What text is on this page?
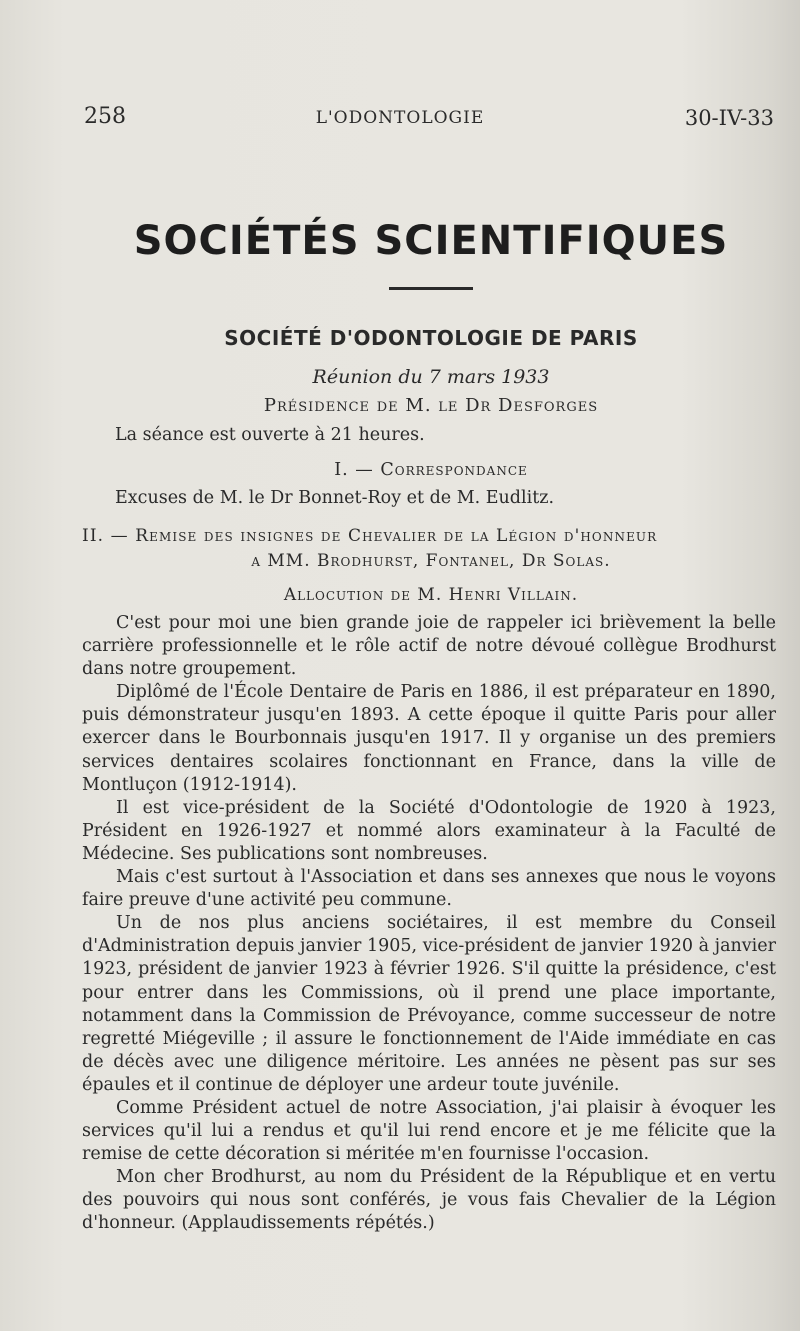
258	L'ODONTOLOGIE	30-IV-33
SOCIÉTÉS SCIENTIFIQUES
SOCIÉTÉ D'ODONTOLOGIE DE PARIS
Réunion du 7 mars 1933
Présidence de M. le Dr Desforges
La séance est ouverte à 21 heures.
I. — Correspondance
Excuses de M. le Dr Bonnet-Roy et de M. Eudlitz.
II. — Remise des insignes de Chevalier de la Légion d'honneur
a MM. Brodhurst, Fontanel, Dr Solas.
Allocution de M. Henri Villain.

C'est pour moi une bien grande joie de rappeler ici brièvement la belle carrière professionnelle et le rôle actif de notre dévoué collègue Brodhurst dans notre groupement.

Diplômé de l'École Dentaire de Paris en 1886, il est préparateur en 1890, puis démonstrateur jusqu'en 1893. A cette époque il quitte Paris pour aller exercer dans le Bourbonnais jusqu'en 1917. Il y organise un des premiers services dentaires scolaires fonctionnant en France, dans la ville de Montluçon (1912-1914).

Il est vice-président de la Société d'Odontologie de 1920 à 1923, Président en 1926-1927 et nommé alors examinateur à la Faculté de Médecine. Ses publications sont nombreuses.

Mais c'est surtout à l'Association et dans ses annexes que nous le voyons faire preuve d'une activité peu commune.

Un de nos plus anciens sociétaires, il est membre du Conseil d'Administration depuis janvier 1905, vice-président de janvier 1920 à janvier 1923, président de janvier 1923 à février 1926. S'il quitte la présidence, c'est pour entrer dans les Commissions, où il prend une place importante, notamment dans la Commission de Prévoyance, comme successeur de notre regretté Miégeville ; il assure le fonctionnement de l'Aide immédiate en cas de décès avec une diligence méritoire. Les années ne pèsent pas sur ses épaules et il continue de déployer une ardeur toute juvénile.

Comme Président actuel de notre Association, j'ai plaisir à évoquer les services qu'il lui a rendus et qu'il lui rend encore et je me félicite que la remise de cette décoration si méritée m'en fournisse l'occasion.

Mon cher Brodhurst, au nom du Président de la République et en vertu des pouvoirs qui nous sont conférés, je vous fais Chevalier de la Légion d'honneur. (Applaudissements répétés.)
